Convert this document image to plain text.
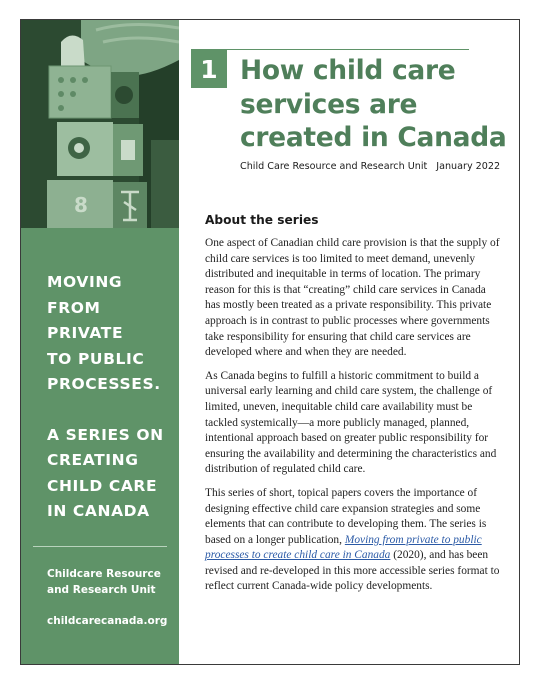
8
MOVING
FROM PRIVATE
TO PUBLIC
PROCESSES.
A SERIES ON
CREATING
CHILD CARE
IN CANADA
Childcare Resource
and Research Unit
childcarecanada.org
1 How child care
services are
created in Canada
Child Care Resource and Research Unit January 2022
About the series

One aspect of Canadian child care provision is that the supply of child care services is too limited to meet demand, unevenly distributed and inequitable in terms of location. The primary reason for this is that “creating” child care services in Canada has mostly been treated as a private responsibility. This private approach is in contrast to public processes where governments take responsibility for ensuring that child care services are developed where and when they are needed.

As Canada begins to fulfill a historic commitment to build a universal early learning and child care system, the challenge of limited, uneven, inequitable child care availability must be tackled systemically—a more publicly managed, planned, intentional approach based on greater public responsibility for ensuring the availability and determining the characteristics and distribution of regulated child care.

This series of short, topical papers covers the importance of designing effective child care expansion strategies and some elements that can contribute to developing them. The series is based on a longer publication, Moving from private to public processes to create child care in Canada (2020), and has been revised and re-developed in this more accessible series format to reflect current Canada-wide policy developments.
